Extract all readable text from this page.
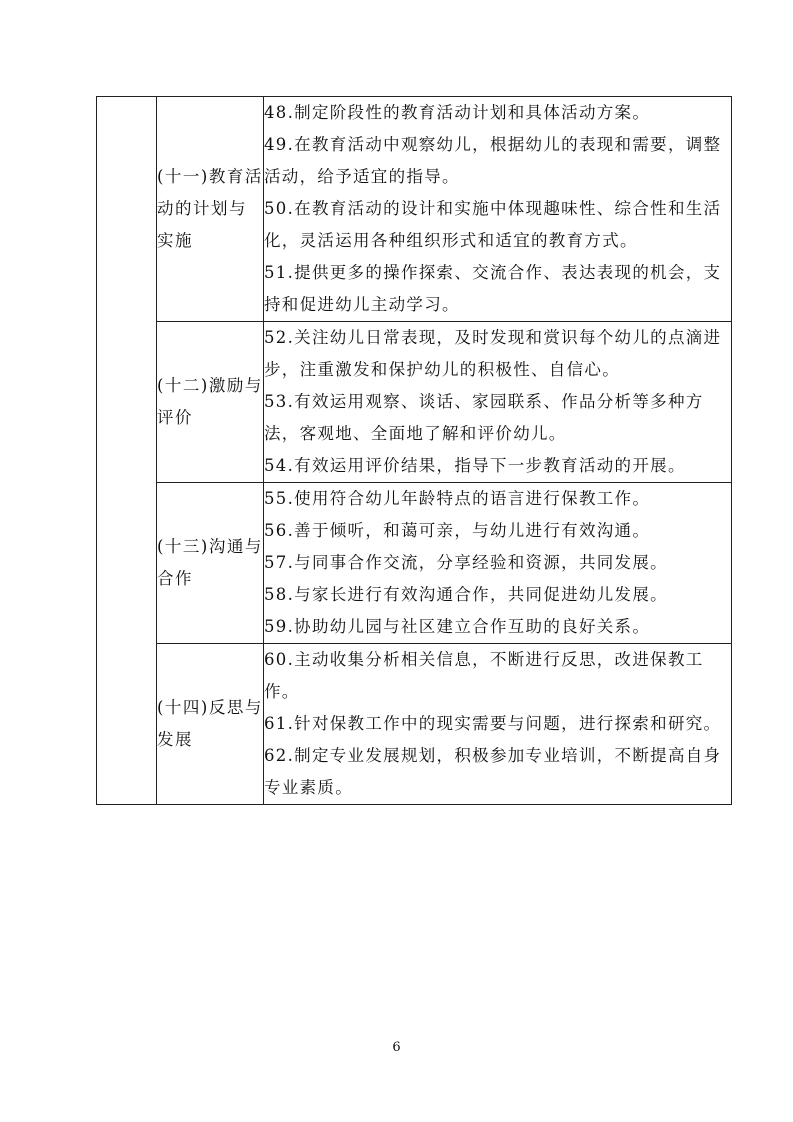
	(十一)教育活动的计划与实施	48.制定阶段性的教育活动计划和具体活动方案。

49.在教育活动中观察幼儿，根据幼儿的表现和需要，调整活动，给予适宜的指导。

50.在教育活动的设计和实施中体现趣味性、综合性和生活化，灵活运用各种组织形式和适宜的教育方式。

51.提供更多的操作探索、交流合作、表达表现的机会，支持和促进幼儿主动学习。

	(十二)激励与评价	52.关注幼儿日常表现，及时发现和赏识每个幼儿的点滴进步，注重激发和保护幼儿的积极性、自信心。

53.有效运用观察、谈话、家园联系、作品分析等多种方法，客观地、全面地了解和评价幼儿。

54.有效运用评价结果，指导下一步教育活动的开展。

	(十三)沟通与合作	55.使用符合幼儿年龄特点的语言进行保教工作。

56.善于倾听，和蔼可亲，与幼儿进行有效沟通。

57.与同事合作交流，分享经验和资源，共同发展。

58.与家长进行有效沟通合作，共同促进幼儿发展。

59.协助幼儿园与社区建立合作互助的良好关系。

	(十四)反思与发展	60.主动收集分析相关信息，不断进行反思，改进保教工作。

61.针对保教工作中的现实需要与问题，进行探索和研究。

62.制定专业发展规划，积极参加专业培训，不断提高自身专业素质。

6
